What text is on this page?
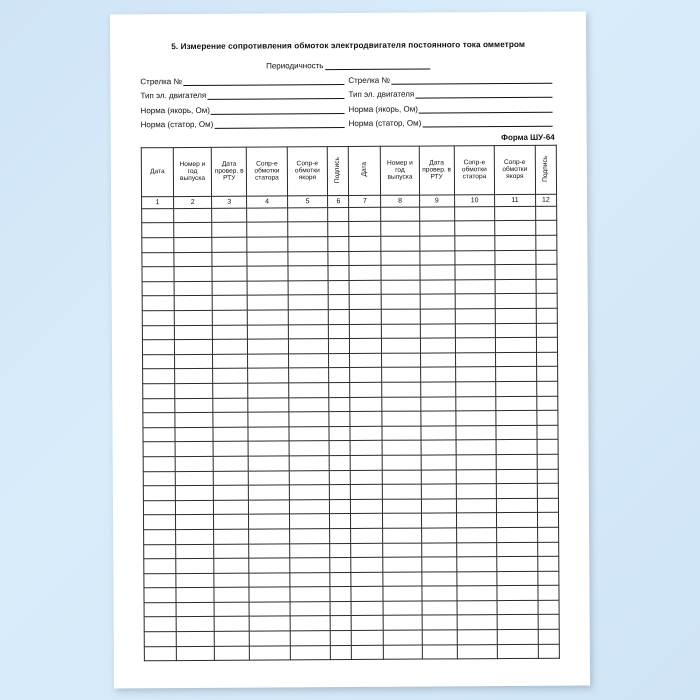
5. Измерение сопротивления обмоток электродвигателя постоянного тока омметром
Периодичность
Стрелка №	Стрелка №
Тип эл. двигателя	Тип эл. двигателя
Норма (якорь, Ом)	Норма (якорь, Ом)
Норма (статор, Ом)	Норма (статор, Ом)
Форма ШУ-64
Дата	Номер и год выпуска	Дата провер. в РТУ	Сопр-е обмотки статора	Сопр-е обмотки якоря	Подпись	Дата	Номер и год выпуска	Дата провер. в РТУ	Сопр-е обмотки статора	Сопр-е обмотки якоря	Подпись
1	2	3	4	5	6	7	8	9	10	11	12
